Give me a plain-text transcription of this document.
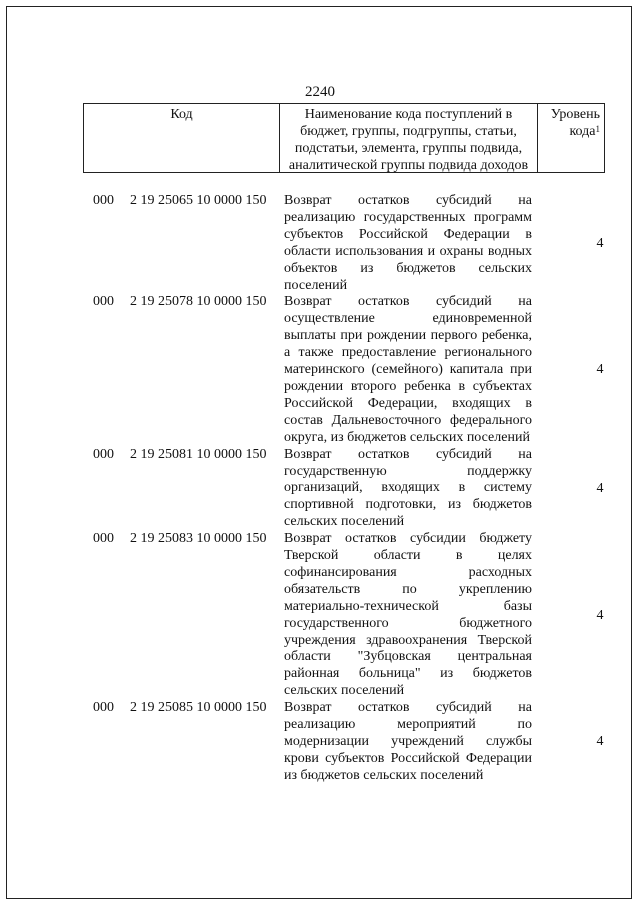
2240
Код	Наименование кода поступлений в бюджет, группы, подгруппы, статьи, подстатьи, элемента, группы подвида, аналитической группы подвида доходов
Уровень кода$^1$
000 2 19 25065 10 0000 150 Возврат остатков субсидий на
реализацию государственных программ
субъектов Российской Федерации в
области использования и охраны водных
объектов из бюджетов сельских
поселений
4
000 2 19 25078 10 0000 150 Возврат остатков субсидий на
осуществление единовременной
выплаты при рождении первого ребенка,
а также предоставление регионального
материнского (семейного) капитала при
рождении второго ребенка в субъектах
Российской Федерации, входящих в
состав Дальневосточного федерального
округа, из бюджетов сельских поселений
4
000 2 19 25081 10 0000 150 Возврат остатков субсидий на
государственную поддержку
организаций, входящих в систему
спортивной подготовки, из бюджетов
сельских поселений
4
000 2 19 25083 10 0000 150 Возврат остатков субсидии бюджету
Тверской области в целях
софинансирования расходных
обязательств по укреплению
материально-технической базы
государственного бюджетного
учреждения здравоохранения Тверской
области "Зубцовская центральная
районная больница" из бюджетов
сельских поселений
4
000 2 19 25085 10 0000 150 Возврат остатков субсидий на
реализацию мероприятий по
модернизации учреждений службы
крови субъектов Российской Федерации
из бюджетов сельских поселений
4
